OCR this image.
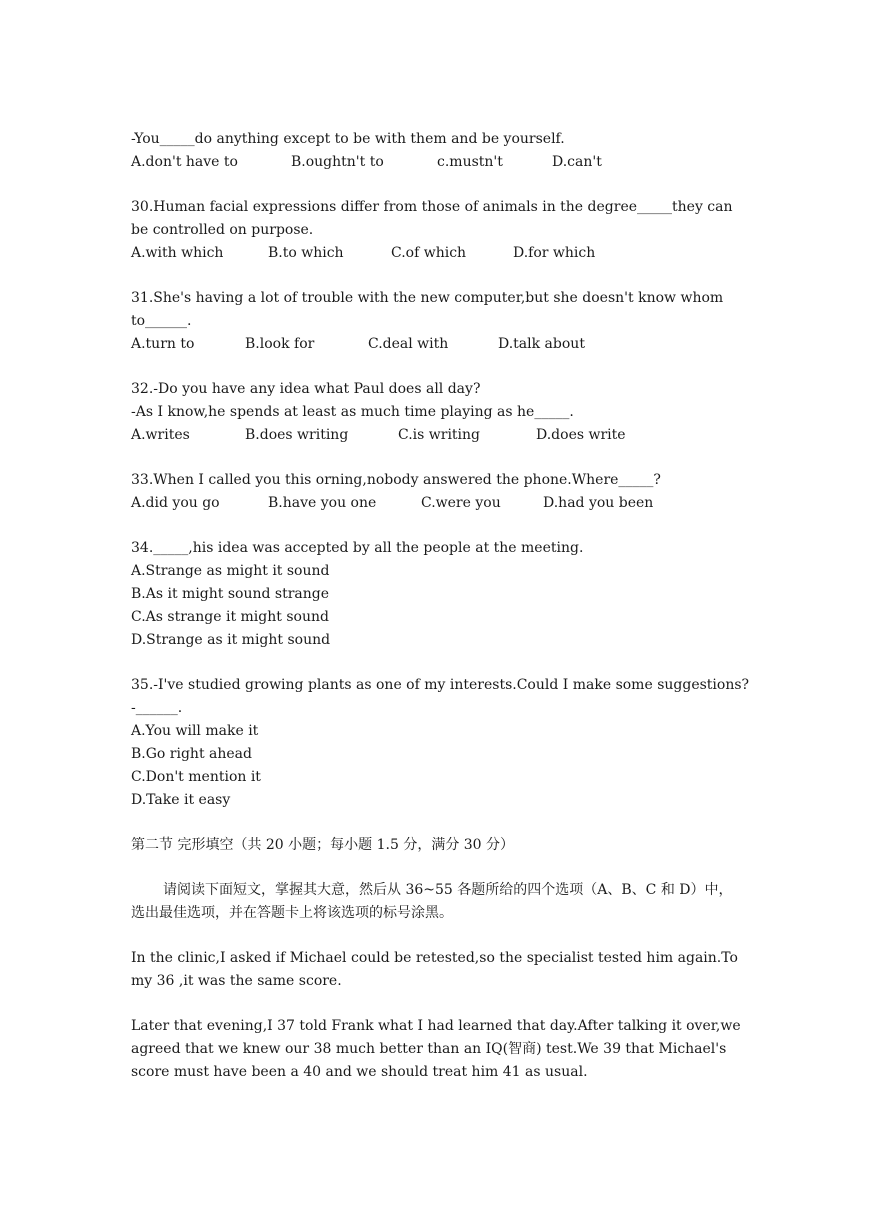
-You_____do anything except to be with them and be yourself.
A.don't have to	B.oughtn't to	c.mustn't	D.can't
30.Human facial expressions differ from those of animals in the degree_____they can
be controlled on purpose.
A.with which	B.to which	C.of which	D.for which
31.She's having a lot of trouble with the new computer,but she doesn't know whom
to______.
A.turn to	B.look for	C.deal with	D.talk about
32.-Do you have any idea what Paul does all day?
-As I know,he spends at least as much time playing as he_____.
A.writes	B.does writing	C.is writing	D.does write
33.When I called you this orning,nobody answered the phone.Where_____?
A.did you go	B.have you one	C.were you	D.had you been
34._____,his idea was accepted by all the people at the meeting.
A.Strange as might it sound
B.As it might sound strange
C.As strange it might sound
D.Strange as it might sound
35.-I've studied growing plants as one of my interests.Could I make some suggestions?
-______.
A.You will make it
B.Go right ahead
C.Don't mention it
D.Take it easy
第二节 完形填空（共 20 小题；每小题 1.5 分，满分 30 分）
请阅读下面短文，掌握其大意，然后从 36~55 各题所给的四个选项（A、B、C 和 D）中，选出最佳选项，并在答题卡上将该选项的标号涂黑。
In the clinic,I asked if Michael could be retested,so the specialist tested him again.To my 36 ,it was the same score.
Later that evening,I 37 told Frank what I had learned that day.After talking it over,we agreed that we knew our 38 much better than an IQ(智商) test.We 39 that Michael's score must have been a 40 and we should treat him 41 as usual.
